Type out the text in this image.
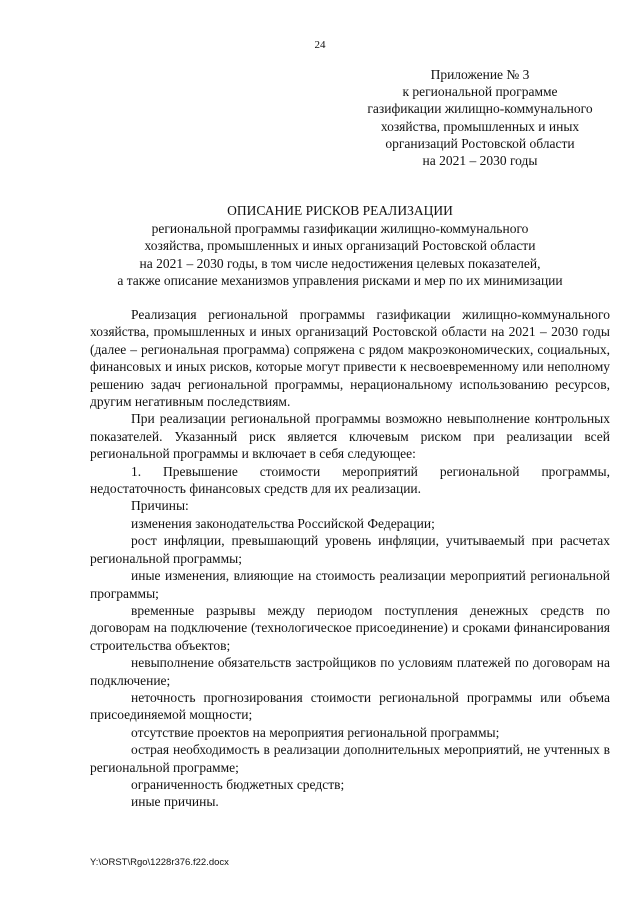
24
Приложение № 3
к региональной программе
газификации жилищно-коммунального
хозяйства, промышленных и иных
организаций Ростовской области
на 2021 – 2030 годы
ОПИСАНИЕ РИСКОВ РЕАЛИЗАЦИИ
региональной программы газификации жилищно-коммунального
хозяйства, промышленных и иных организаций Ростовской области
на 2021 – 2030 годы, в том числе недостижения целевых показателей,
а также описание механизмов управления рисками и мер по их минимизации

Реализация региональной программы газификации жилищно-коммунального хозяйства, промышленных и иных организаций Ростовской области на 2021 – 2030 годы (далее – региональная программа) сопряжена с рядом макроэкономических, социальных, финансовых и иных рисков, которые могут привести к несвоевременному или неполному решению задач региональной программы, нерациональному использованию ресурсов, другим негативным последствиям.

При реализации региональной программы возможно невыполнение контрольных показателей. Указанный риск является ключевым риском при реализации всей региональной программы и включает в себя следующее:

1. Превышение стоимости мероприятий региональной программы, недостаточность финансовых средств для их реализации.

Причины:

изменения законодательства Российской Федерации;

рост инфляции, превышающий уровень инфляции, учитываемый при расчетах региональной программы;

иные изменения, влияющие на стоимость реализации мероприятий региональной программы;

временные разрывы между периодом поступления денежных средств по договорам на подключение (технологическое присоединение) и сроками финансирования строительства объектов;

невыполнение обязательств застройщиков по условиям платежей по договорам на подключение;

неточность прогнозирования стоимости региональной программы или объема присоединяемой мощности;

отсутствие проектов на мероприятия региональной программы;

острая необходимость в реализации дополнительных мероприятий, не учтенных в региональной программе;

ограниченность бюджетных средств;

иные причины.

Y:\ORST\Rgo\1228r376.f22.docx
